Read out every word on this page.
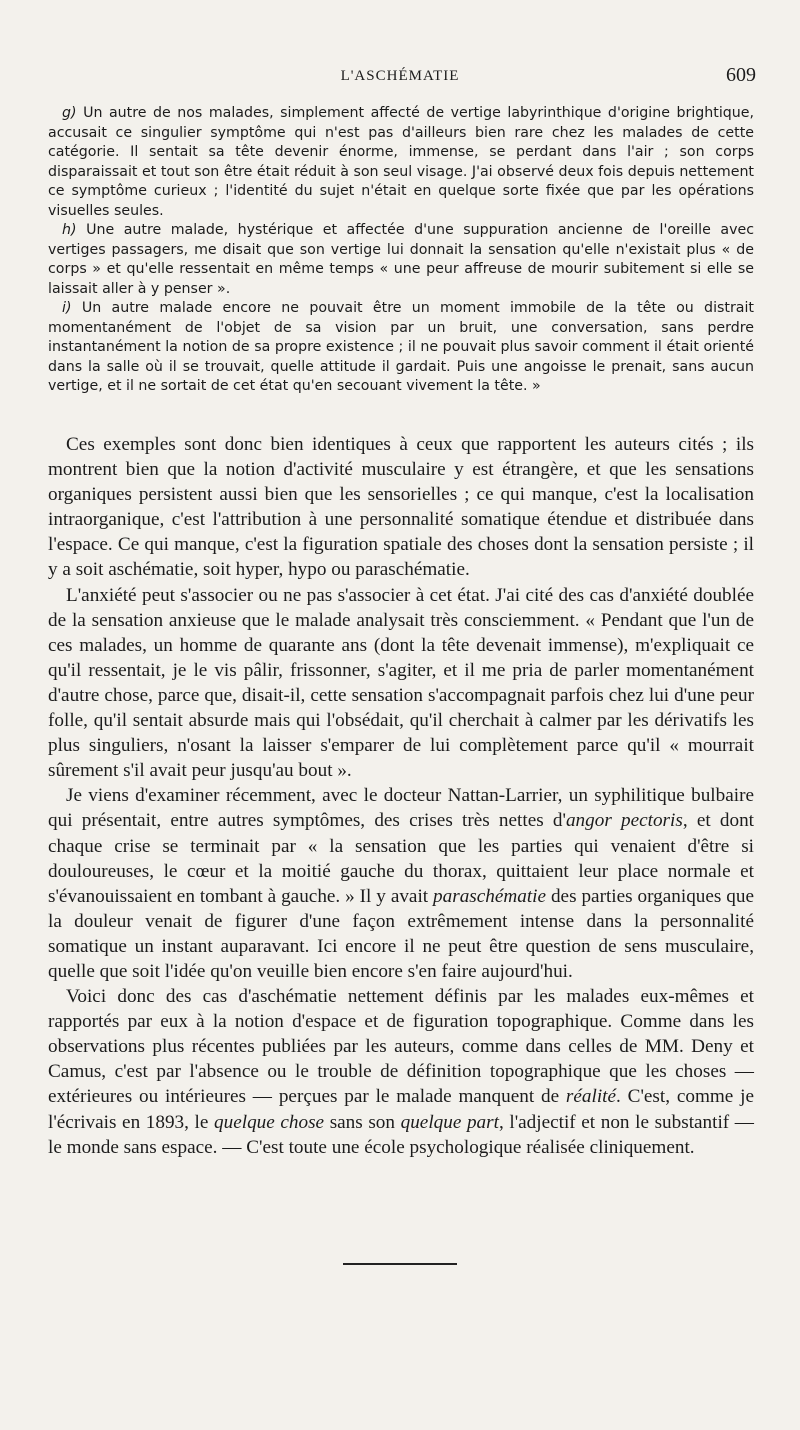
L'ASCHÉMATIE	609

g) Un autre de nos malades, simplement affecté de vertige labyrinthique d'origine brightique, accusait ce singulier symptôme qui n'est pas d'ailleurs bien rare chez les malades de cette catégorie. Il sentait sa tête devenir énorme, immense, se perdant dans l'air ; son corps disparaissait et tout son être était réduit à son seul visage. J'ai observé deux fois depuis nettement ce symptôme curieux ; l'identité du sujet n'était en quelque sorte fixée que par les opérations visuelles seules.

h) Une autre malade, hystérique et affectée d'une suppuration ancienne de l'oreille avec vertiges passagers, me disait que son vertige lui donnait la sensation qu'elle n'existait plus « de corps » et qu'elle ressentait en même temps « une peur affreuse de mourir subitement si elle se laissait aller à y penser ».

i) Un autre malade encore ne pouvait être un moment immobile de la tête ou distrait momentanément de l'objet de sa vision par un bruit, une conversation, sans perdre instantanément la notion de sa propre existence ; il ne pouvait plus savoir comment il était orienté dans la salle où il se trouvait, quelle attitude il gardait. Puis une angoisse le prenait, sans aucun vertige, et il ne sortait de cet état qu'en secouant vivement la tête. »

Ces exemples sont donc bien identiques à ceux que rapportent les auteurs cités ; ils montrent bien que la notion d'activité musculaire y est étrangère, et que les sensations organiques persistent aussi bien que les sensorielles ; ce qui manque, c'est la localisation intraorganique, c'est l'attribution à une personnalité somatique étendue et distribuée dans l'espace. Ce qui manque, c'est la figuration spatiale des choses dont la sensation persiste ; il y a soit aschématie, soit hyper, hypo ou paraschématie.

L'anxiété peut s'associer ou ne pas s'associer à cet état. J'ai cité des cas d'anxiété doublée de la sensation anxieuse que le malade analysait très consciemment. « Pendant que l'un de ces malades, un homme de quarante ans (dont la tête devenait immense), m'expliquait ce qu'il ressentait, je le vis pâlir, frissonner, s'agiter, et il me pria de parler momentanément d'autre chose, parce que, disait-il, cette sensation s'accompagnait parfois chez lui d'une peur folle, qu'il sentait absurde mais qui l'obsédait, qu'il cherchait à calmer par les dérivatifs les plus singuliers, n'osant la laisser s'emparer de lui complètement parce qu'il « mourrait sûrement s'il avait peur jusqu'au bout ».

Je viens d'examiner récemment, avec le docteur Nattan-Larrier, un syphilitique bulbaire qui présentait, entre autres symptômes, des crises très nettes d'angor pectoris, et dont chaque crise se terminait par « la sensation que les parties qui venaient d'être si douloureuses, le cœur et la moitié gauche du thorax, quittaient leur place normale et s'évanouissaient en tombant à gauche. » Il y avait paraschématie des parties organiques que la douleur venait de figurer d'une façon extrêmement intense dans la personnalité somatique un instant auparavant. Ici encore il ne peut être question de sens musculaire, quelle que soit l'idée qu'on veuille bien encore s'en faire aujourd'hui.

Voici donc des cas d'aschématie nettement définis par les malades eux-mêmes et rapportés par eux à la notion d'espace et de figuration topographique. Comme dans les observations plus récentes publiées par les auteurs, comme dans celles de MM. Deny et Camus, c'est par l'absence ou le trouble de définition topographique que les choses — extérieures ou intérieures — perçues par le malade manquent de réalité. C'est, comme je l'écrivais en 1893, le quelque chose sans son quelque part, l'adjectif et non le substantif — le monde sans espace. — C'est toute une école psychologique réalisée cliniquement.
